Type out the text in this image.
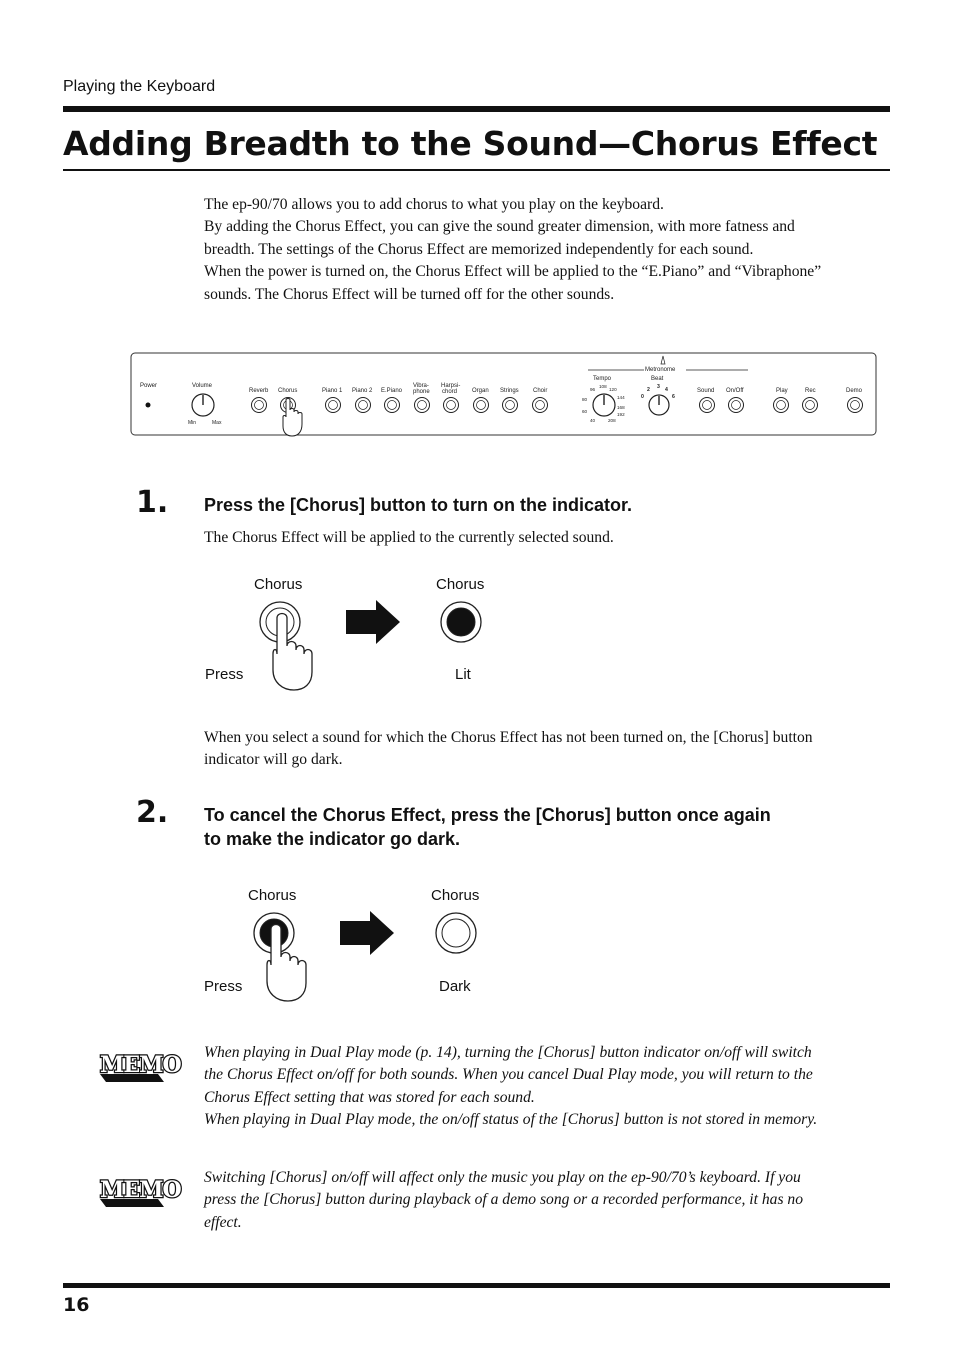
Playing the Keyboard
Adding Breadth to the Sound—Chorus Effect

The ep-90/70 allows you to add chorus to what you play on the keyboard.

By adding the Chorus Effect, you can give the sound greater dimension, with more fatness and breadth. The settings of the Chorus Effect are memorized independently for each sound.

When the power is turned on, the Chorus Effect will be applied to the “E.Piano” and “Vibraphone” sounds. The Chorus Effect will be turned off for the other sounds.

Power	Volume
Min	Max
Reverb Chorus	Piano 1 Piano 2 E.Piano
Vibra-
phone
Harpsi-
chord Organ Strings Choir	Sound On/Off	Play	Rec	Demo
Metronome
Tempo	Beat
96
108
120
144
80
168
60
192
40	208
2 3 4
0	6
1. Press the [Chorus] button to turn on the indicator.
The Chorus Effect will be applied to the currently selected sound.
Chorus	Chorus
Press	Lit
When you select a sound for which the Chorus Effect has not been turned on, the [Chorus] button indicator will go dark.
2. To cancel the Chorus Effect, press the [Chorus] button once again
to make the indicator go dark.
Chorus	Chorus
Press	Dark
MEMO When playing in Dual Play mode (p. 14), turning the [Chorus] button indicator on/off will switch the Chorus Effect on/off for both sounds. When you cancel Dual Play mode, you will return to the Chorus Effect setting that was stored for each sound.

When playing in Dual Play mode, the on/off status of the [Chorus] button is not stored in memory.

MEMO Switching [Chorus] on/off will affect only the music you play on the ep-90/70’s keyboard. If you press the [Chorus] button during playback of a demo song or a recorded performance, it has no effect.

16
